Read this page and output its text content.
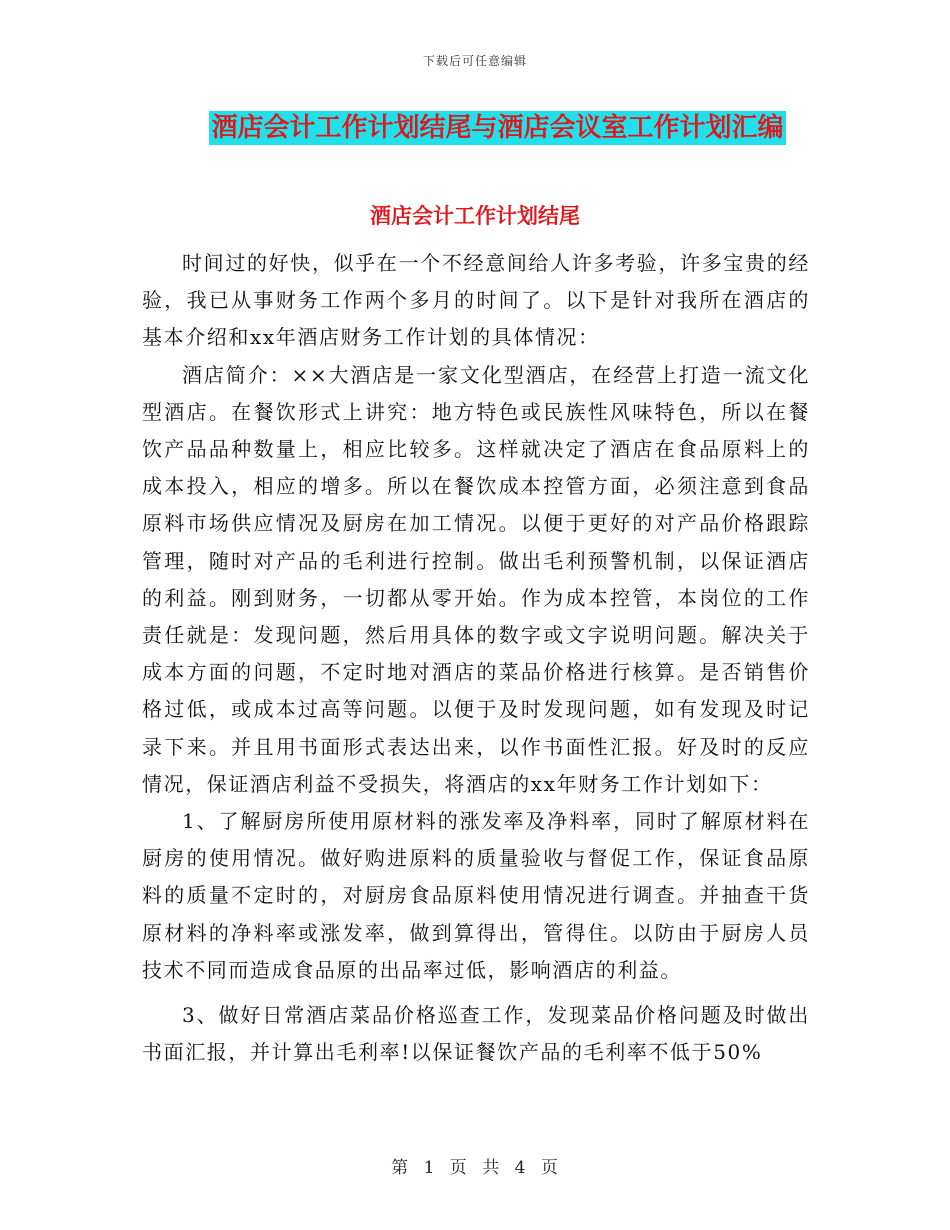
下载后可任意编辑
酒店会计工作计划结尾与酒店会议室工作计划汇编
酒店会计工作计划结尾

时间过的好快，似乎在一个不经意间给人许多考验，许多宝贵的经验，我已从事财务工作两个多月的时间了。以下是针对我所在酒店的基本介绍和xx年酒店财务工作计划的具体情况：

酒店简介：××大酒店是一家文化型酒店，在经营上打造一流文化型酒店。在餐饮形式上讲究：地方特色或民族性风味特色，所以在餐饮产品品种数量上，相应比较多。这样就决定了酒店在食品原料上的成本投入，相应的增多。所以在餐饮成本控管方面，必须注意到食品原料市场供应情况及厨房在加工情况。以便于更好的对产品价格跟踪管理，随时对产品的毛利进行控制。做出毛利预警机制，以保证酒店的利益。刚到财务，一切都从零开始。作为成本控管，本岗位的工作责任就是：发现问题，然后用具体的数字或文字说明问题。解决关于成本方面的问题，不定时地对酒店的菜品价格进行核算。是否销售价格过低，或成本过高等问题。以便于及时发现问题，如有发现及时记录下来。并且用书面形式表达出来，以作书面性汇报。好及时的反应情况，保证酒店利益不受损失，将酒店的xx年财务工作计划如下：

1、了解厨房所使用原材料的涨发率及净料率，同时了解原材料在厨房的使用情况。做好购进原料的质量验收与督促工作，保证食品原料的质量不定时的，对厨房食品原料使用情况进行调查。并抽查干货原材料的净料率或涨发率，做到算得出，管得住。以防由于厨房人员技术不同而造成食品原的出品率过低，影响酒店的利益。

3、做好日常酒店菜品价格巡查工作，发现菜品价格问题及时做出书面汇报，并计算出毛利率!以保证餐饮产品的毛利率不低于50%

第 1 页 共 4 页
